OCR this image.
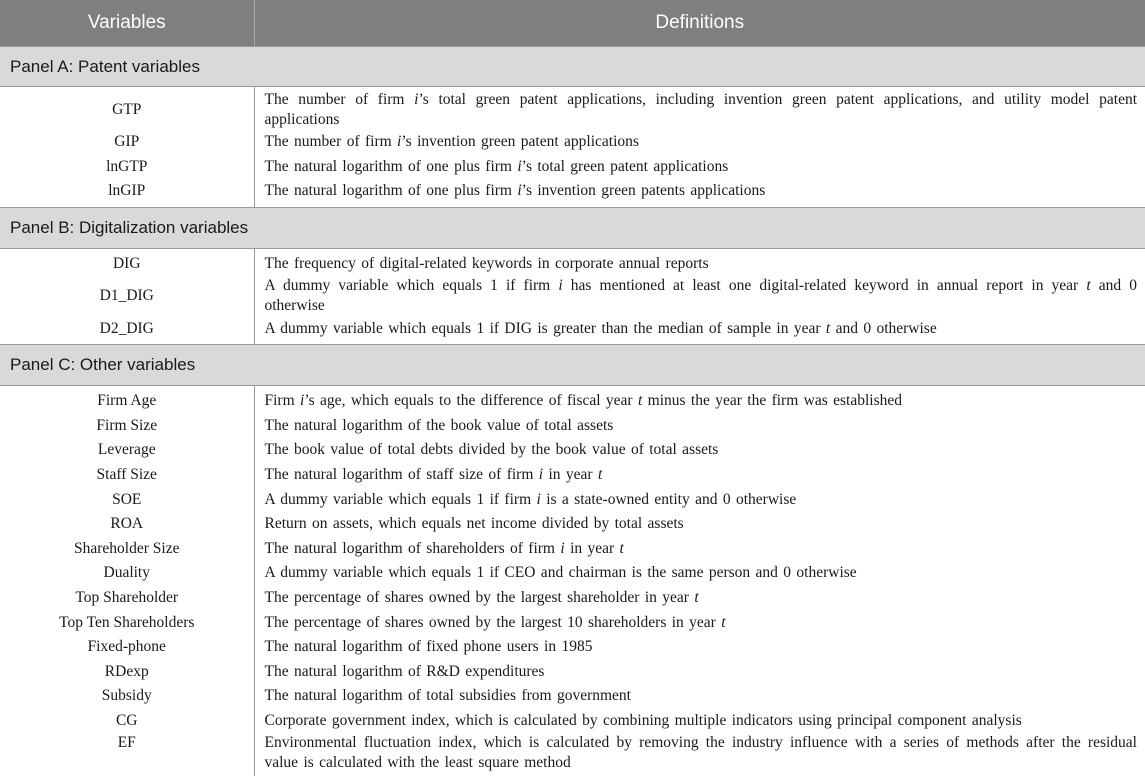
Variables	Definitions
Panel A: Patent variables	
GTP	The number of firm i’s total green patent applications, including invention green patent applications, and utility model patent applications
GIP	The number of firm i’s invention green patent applications
lnGTP	The natural logarithm of one plus firm i’s total green patent applications
lnGIP	The natural logarithm of one plus firm i’s invention green patents applications
Panel B: Digitalization variables	
DIG	The frequency of digital-related keywords in corporate annual reports
D1_DIG	A dummy variable which equals 1 if firm i has mentioned at least one digital-related keyword in annual report in year t and 0 otherwise
D2_DIG	A dummy variable which equals 1 if DIG is greater than the median of sample in year t and 0 otherwise
Panel C: Other variables	
Firm Age	Firm i’s age, which equals to the difference of fiscal year t minus the year the firm was established
Firm Size	The natural logarithm of the book value of total assets
Leverage	The book value of total debts divided by the book value of total assets
Staff Size	The natural logarithm of staff size of firm i in year t
SOE	A dummy variable which equals 1 if firm i is a state-owned entity and 0 otherwise
ROA	Return on assets, which equals net income divided by total assets
Shareholder Size	The natural logarithm of shareholders of firm i in year t
Duality	A dummy variable which equals 1 if CEO and chairman is the same person and 0 otherwise
Top Shareholder	The percentage of shares owned by the largest shareholder in year t
Top Ten Shareholders	The percentage of shares owned by the largest 10 shareholders in year t
Fixed-phone	The natural logarithm of fixed phone users in 1985
RDexp	The natural logarithm of R&D expenditures
Subsidy	The natural logarithm of total subsidies from government
CG	Corporate government index, which is calculated by combining multiple indicators using principal component analysis
EF	Environmental fluctuation index, which is calculated by removing the industry influence with a series of methods after the residual value is calculated with the least square method
